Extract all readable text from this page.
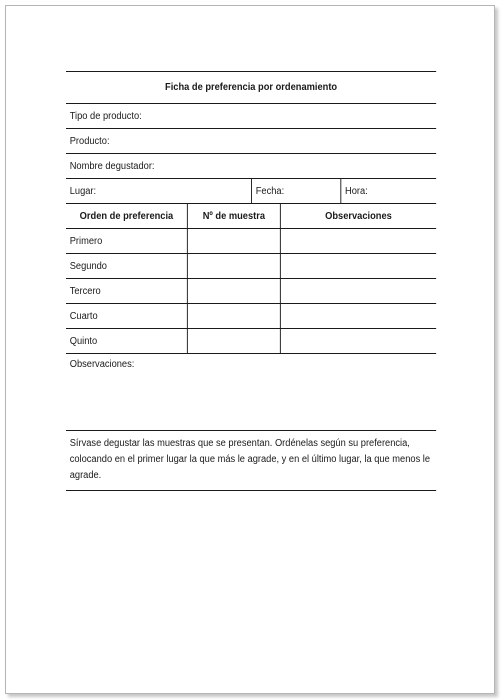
Ficha de preferencia por ordenamiento
Tipo de producto:
Producto:
Nombre degustador:
Lugar:	Fecha:	Hora:
Orden de preferencia	Nº de muestra	Observaciones
Primero
Segundo
Tercero
Cuarto
Quinto
Observaciones:
Sírvase degustar las muestras que se presentan. Ordénelas según su preferencia, colocando en el primer lugar la que más le agrade, y en el último lugar, la que menos le agrade.
